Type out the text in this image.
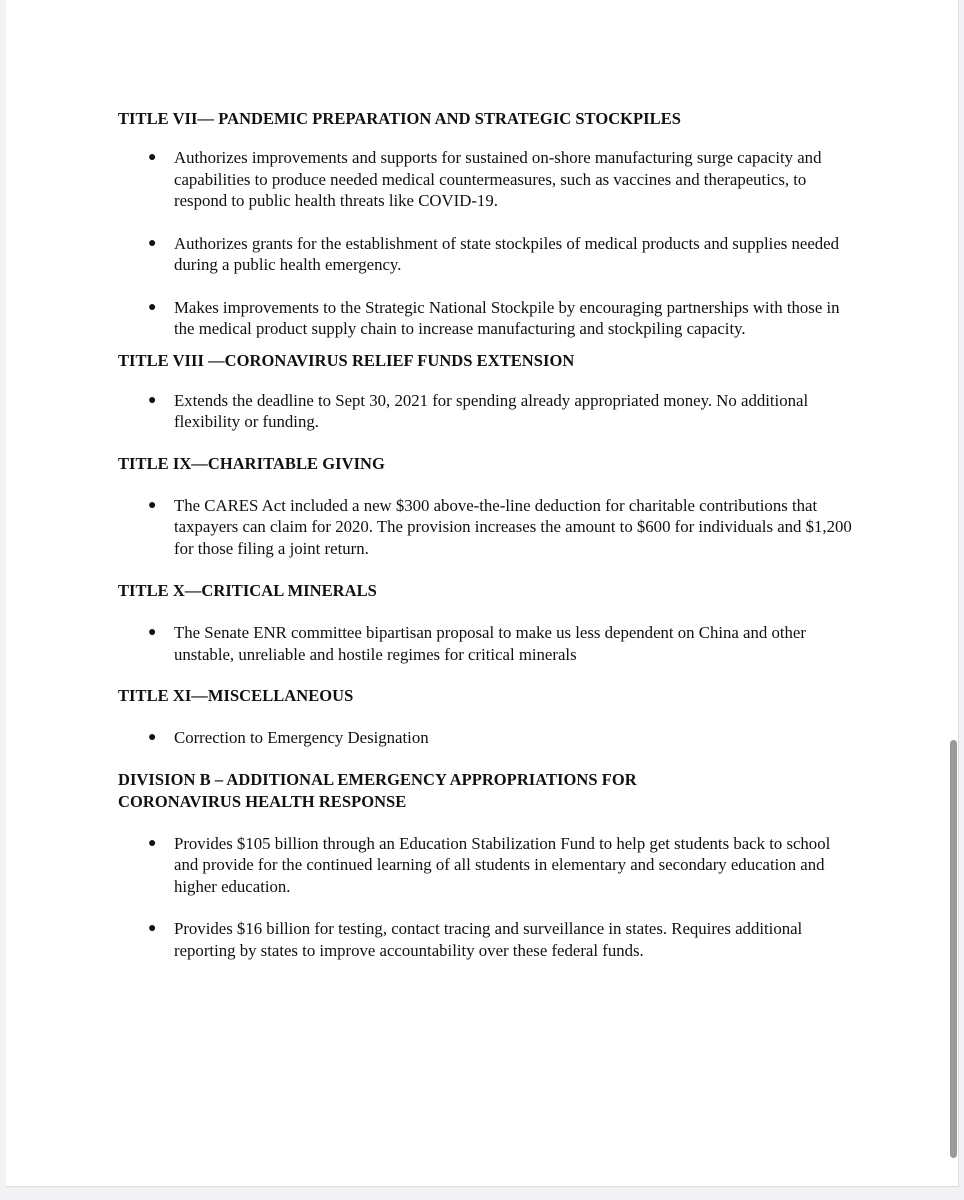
TITLE VII— PANDEMIC PREPARATION AND STRATEGIC STOCKPILES
● Authorizes improvements and supports for sustained on-shore manufacturing surge capacity and capabilities to produce needed medical countermeasures, such as vaccines and therapeutics, to respond to public health threats like COVID-19.
● Authorizes grants for the establishment of state stockpiles of medical products and supplies needed during a public health emergency.
● Makes improvements to the Strategic National Stockpile by encouraging partnerships with those in the medical product supply chain to increase manufacturing and stockpiling capacity.
TITLE VIII —CORONAVIRUS RELIEF FUNDS EXTENSION
● Extends the deadline to Sept 30, 2021 for spending already appropriated money. No additional flexibility or funding.
TITLE IX—CHARITABLE GIVING
● The CARES Act included a new $300 above-the-line deduction for charitable contributions that taxpayers can claim for 2020. The provision increases the amount to $600 for individuals and $1,200 for those filing a joint return.
TITLE X—CRITICAL MINERALS
● The Senate ENR committee bipartisan proposal to make us less dependent on China and other unstable, unreliable and hostile regimes for critical minerals
TITLE XI—MISCELLANEOUS
● Correction to Emergency Designation
DIVISION B – ADDITIONAL EMERGENCY APPROPRIATIONS FOR CORONAVIRUS HEALTH RESPONSE
● Provides $105 billion through an Education Stabilization Fund to help get students back to school and provide for the continued learning of all students in elementary and secondary education and higher education.
● Provides $16 billion for testing, contact tracing and surveillance in states. Requires additional reporting by states to improve accountability over these federal funds.
